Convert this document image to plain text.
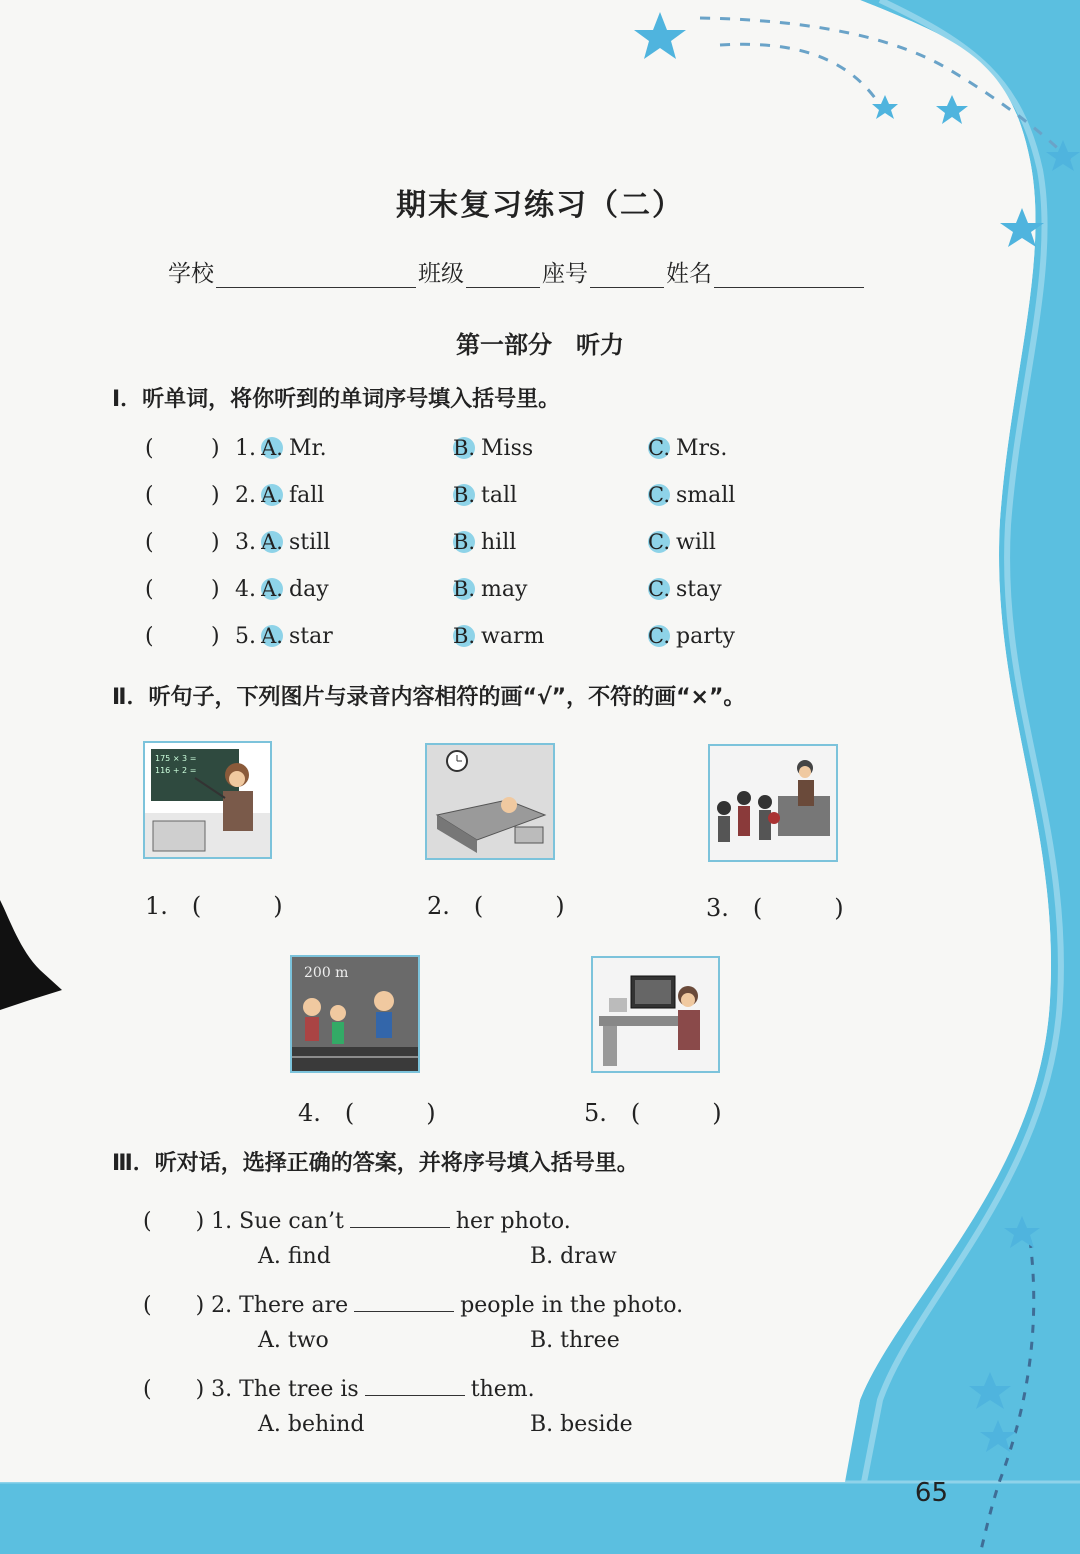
期末复习练习（二）
学校	班级	座号	姓名
第一部分　听力
I．听单词，将你听到的单词序号填入括号里。
(	) 1. A. Mr.	B. Miss	C. Mrs.
(	) 2. A. fall	B. tall	C. small
(	) 3. A. still	B. hill	C. will
(	) 4. A. day	B. may	C. stay
(	) 5. A. star	B. warm	C. party
Ⅱ．听句子，下列图片与录音内容相符的画“√”，不符的画“×”。
175 × 3 =
116 + 2 =
1.　(　　　)	2.　(　　　)	3.　(　　　)
200 m
4.　(　　　)	5.　(　　　)
Ⅲ．听对话，选择正确的答案，并将序号填入括号里。
(　　) 1. Sue can’t	her photo.
A. find	B. draw
(　　) 2. There are	people in the photo.
A. two	B. three
(　　) 3. The tree is	them.
A. behind	B. beside
65
